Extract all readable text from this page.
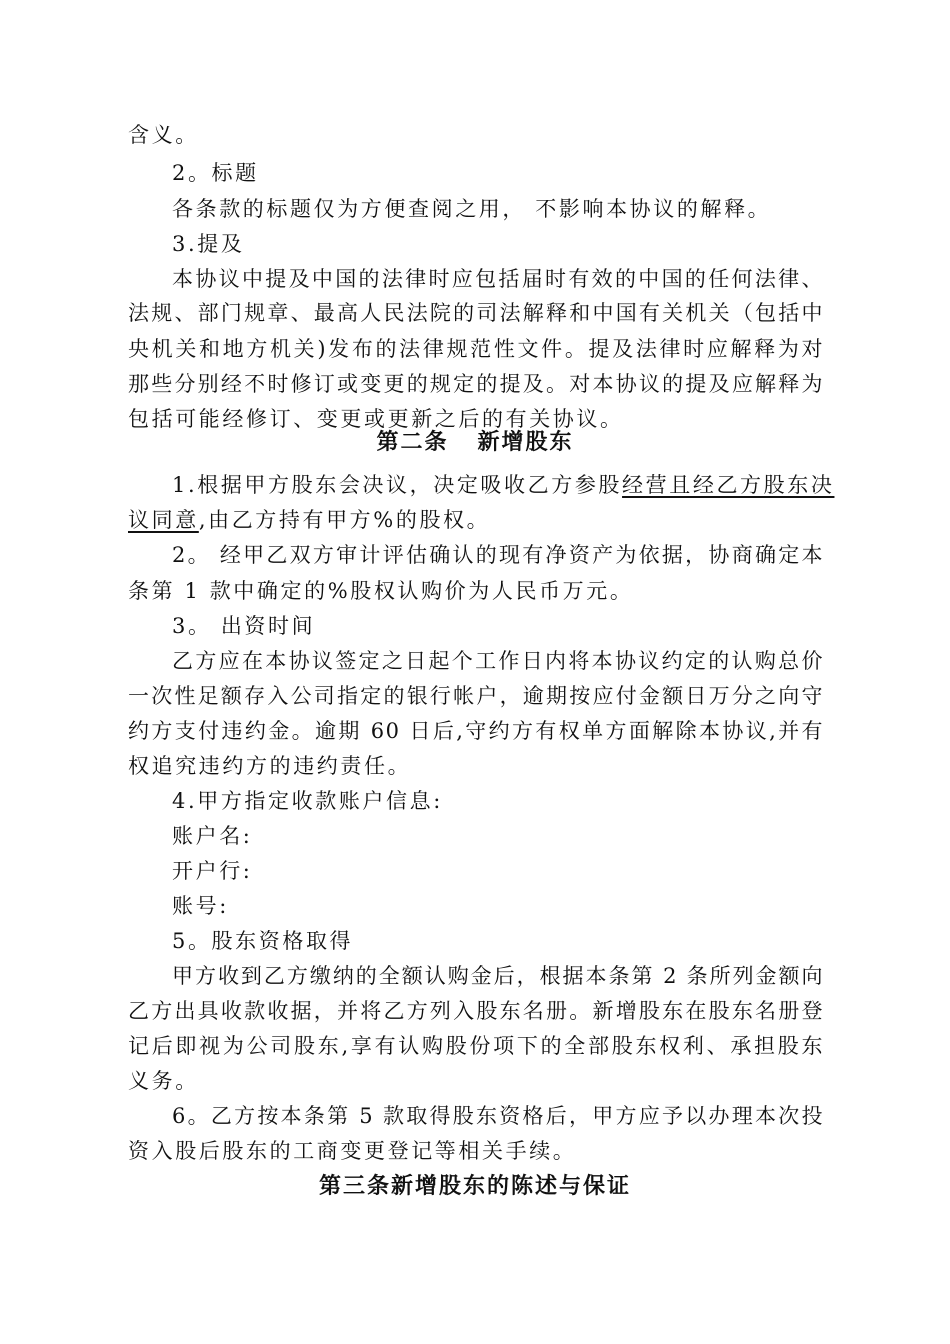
含义。
2。标题
各条款的标题仅为方便查阅之用， 不影响本协议的解释。
3.提及
本协议中提及中国的法律时应包括届时有效的中国的任何法律、
法规、部门规章、最高人民法院的司法解释和中国有关机关（包括中
央机关和地方机关)发布的法律规范性文件。提及法律时应解释为对
那些分别经不时修订或变更的规定的提及。对本协议的提及应解释为
包括可能经修订、变更或更新之后的有关协议。
第二条   新增股东
1.根据甲方股东会决议，决定吸收乙方参股经营且经乙方股东决
议同意,由乙方持有甲方%的股权。
2。 经甲乙双方审计评估确认的现有净资产为依据，协商确定本
条第 1 款中确定的%股权认购价为人民币万元。
3。 出资时间
乙方应在本协议签定之日起个工作日内将本协议约定的认购总价
一次性足额存入公司指定的银行帐户，逾期按应付金额日万分之向守
约方支付违约金。逾期 60 日后,守约方有权单方面解除本协议,并有
权追究违约方的违约责任。
4.甲方指定收款账户信息:
账户名:
开户行:
账号:
5。股东资格取得
甲方收到乙方缴纳的全额认购金后，根据本条第 2 条所列金额向
乙方出具收款收据，并将乙方列入股东名册。新增股东在股东名册登
记后即视为公司股东,享有认购股份项下的全部股东权利、承担股东
义务。
6。乙方按本条第 5 款取得股东资格后，甲方应予以办理本次投
资入股后股东的工商变更登记等相关手续。
第三条新增股东的陈述与保证
